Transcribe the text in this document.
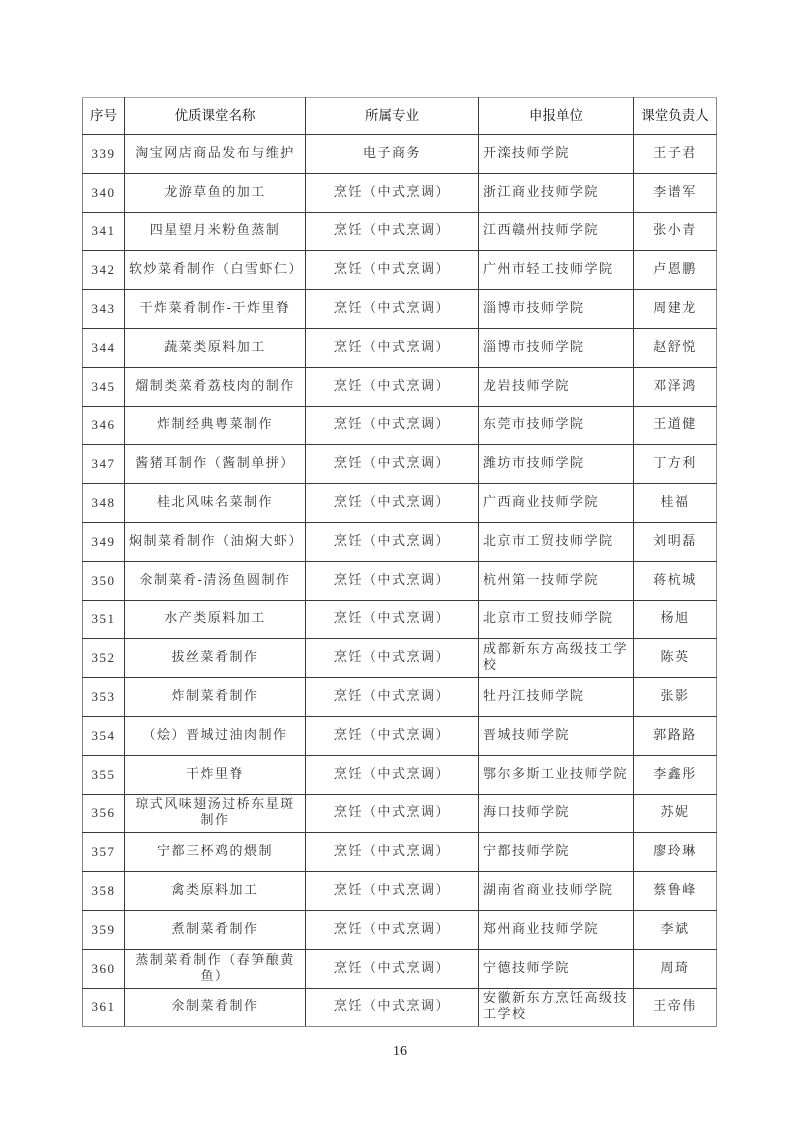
序号	优质课堂名称	所属专业	申报单位	课堂负责人
339	淘宝网店商品发布与维护	电子商务	开滦技师学院	王子君
340	龙游草鱼的加工	烹饪（中式烹调）	浙江商业技师学院	李谱军
341	四星望月米粉鱼蒸制	烹饪（中式烹调）	江西赣州技师学院	张小青
342	软炒菜肴制作（白雪虾仁）	烹饪（中式烹调）	广州市轻工技师学院	卢恩鹏
343	干炸菜肴制作-干炸里脊	烹饪（中式烹调）	淄博市技师学院	周建龙
344	蔬菜类原料加工	烹饪（中式烹调）	淄博市技师学院	赵舒悦
345	熘制类菜肴荔枝肉的制作	烹饪（中式烹调）	龙岩技师学院	邓泽鸿
346	炸制经典粤菜制作	烹饪（中式烹调）	东莞市技师学院	王道健
347	酱猪耳制作（酱制单拼）	烹饪（中式烹调）	潍坊市技师学院	丁方利
348	桂北风味名菜制作	烹饪（中式烹调）	广西商业技师学院	桂福
349	焖制菜肴制作（油焖大虾）	烹饪（中式烹调）	北京市工贸技师学院	刘明磊
350	氽制菜肴-清汤鱼圆制作	烹饪（中式烹调）	杭州第一技师学院	蒋杭城
351	水产类原料加工	烹饪（中式烹调）	北京市工贸技师学院	杨旭
352	拔丝菜肴制作	烹饪（中式烹调）	成都新东方高级技工学校	陈英
353	炸制菜肴制作	烹饪（中式烹调）	牡丹江技师学院	张影
354	（烩）晋城过油肉制作	烹饪（中式烹调）	晋城技师学院	郭路路
355	干炸里脊	烹饪（中式烹调）	鄂尔多斯工业技师学院	李鑫彤
356	琼式风味翅汤过桥东星斑制作	烹饪（中式烹调）	海口技师学院	苏妮
357	宁都三杯鸡的煨制	烹饪（中式烹调）	宁都技师学院	廖玲琳
358	禽类原料加工	烹饪（中式烹调）	湖南省商业技师学院	蔡鲁峰
359	煮制菜肴制作	烹饪（中式烹调）	郑州商业技师学院	李斌
360	蒸制菜肴制作（春笋酿黄鱼）	烹饪（中式烹调）	宁德技师学院	周琦
361	氽制菜肴制作	烹饪（中式烹调）	安徽新东方烹饪高级技工学校	王帝伟
16
